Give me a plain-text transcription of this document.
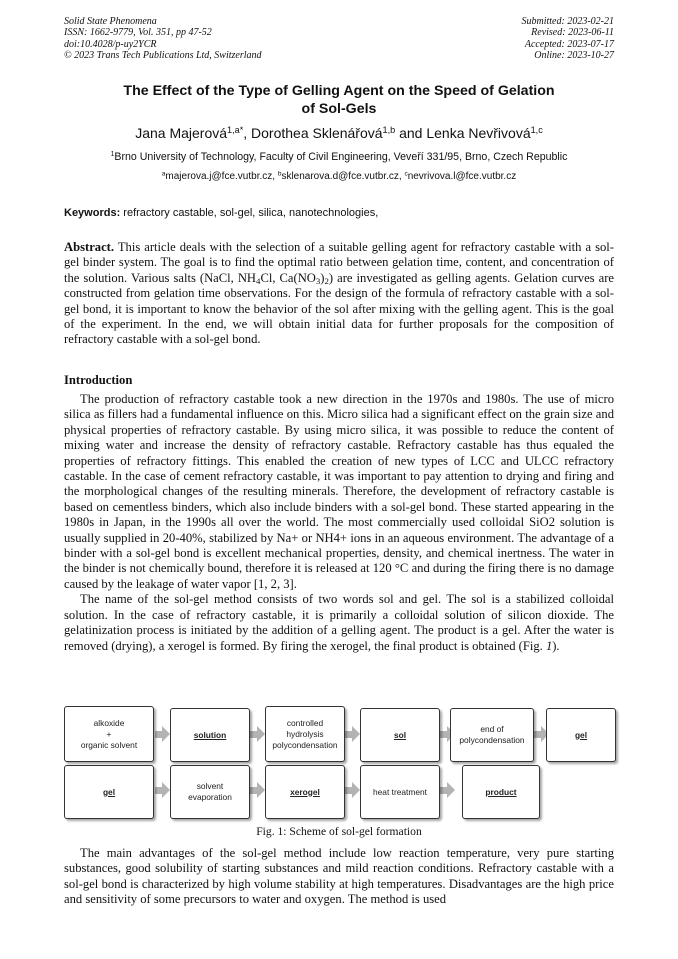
Solid State Phenomena
ISSN: 1662-9779, Vol. 351, pp 47-52
doi:10.4028/p-uy2YCR
© 2023 Trans Tech Publications Ltd, Switzerland
Submitted: 2023-02-21
Revised: 2023-06-11
Accepted: 2023-07-17
Online: 2023-10-27
The Effect of the Type of Gelling Agent on the Speed of Gelation
of Sol-Gels
Jana Majerová$^{1,a*}$, Dorothea Sklenářová$^{1,b}$ and Lenka Nevřivová$^{1,c}$
$^1$Brno University of Technology, Faculty of Civil Engineering, Veveří 331/95, Brno, Czech Republic
$^a$majerova.j@fce.vutbr.cz, $^b$sklenarova.d@fce.vutbr.cz, $^c$nevrivova.l@fce.vutbr.cz
Keywords: refractory castable, sol-gel, silica, nanotechnologies,
Abstract. This article deals with the selection of a suitable gelling agent for refractory castable with a sol-gel binder system. The goal is to find the optimal ratio between gelation time, content, and concentration of the solution. Various salts (NaCl, $NH_4Cl$, $Ca(NO_3)_2$) are investigated as gelling agents. Gelation curves are constructed from gelation time observations. For the design of the formula of refractory castable with a sol-gel bond, it is important to know the behavior of the sol after mixing with the gelling agent. This is the goal of the experiment. In the end, we will obtain initial data for further proposals for the composition of refractory castable with a sol-gel bond.
Introduction

The production of refractory castable took a new direction in the 1970s and 1980s. The use of micro silica as fillers had a fundamental influence on this. Micro silica had a significant effect on the grain size and physical properties of refractory castable. By using micro silica, it was possible to reduce the content of mixing water and increase the density of refractory castable. Refractory castable has thus equaled the properties of refractory fittings. This enabled the creation of new types of LCC and ULCC refractory castable. In the case of cement refractory castable, it was important to pay attention to drying and firing and the morphological changes of the resulting minerals. Therefore, the development of refractory castable is based on cementless binders, which also include binders with a sol-gel bond. These started appearing in the 1980s in Japan, in the 1990s all over the world. The most commercially used colloidal SiO2 solution is usually supplied in 20-40%, stabilized by Na+ or NH4+ ions in an aqueous environment. The advantage of a binder with a sol-gel bond is excellent mechanical properties, density, and chemical inertness. The water in the binder is not chemically bound, therefore it is released at 120 °C and during the firing there is no damage caused by the leakage of water vapor [1, 2, 3].

The name of the sol-gel method consists of two words sol and gel. The sol is a stabilized colloidal solution. In the case of refractory castable, it is primarily a colloidal solution of silicon dioxide. The gelatinization process is initiated by the addition of a gelling agent. The product is a gel. After the water is removed (drying), a xerogel is formed. By firing the xerogel, the final product is obtained (Fig. 1).

alkoxide
+
organic solvent
solution
controlled
hydrolysis
polycondensation
sol
end of
polycondensation
gel
gel
solvent
evaporation
xerogel	heat treatment	product
Fig. 1: Scheme of sol-gel formation

The main advantages of the sol-gel method include low reaction temperature, very pure starting substances, good solubility of starting substances and mild reaction conditions. Refractory castable with a sol-gel bond is characterized by high volume stability at high temperatures. Disadvantages are the high price and sensitivity of some precursors to water and oxygen. The method is used
